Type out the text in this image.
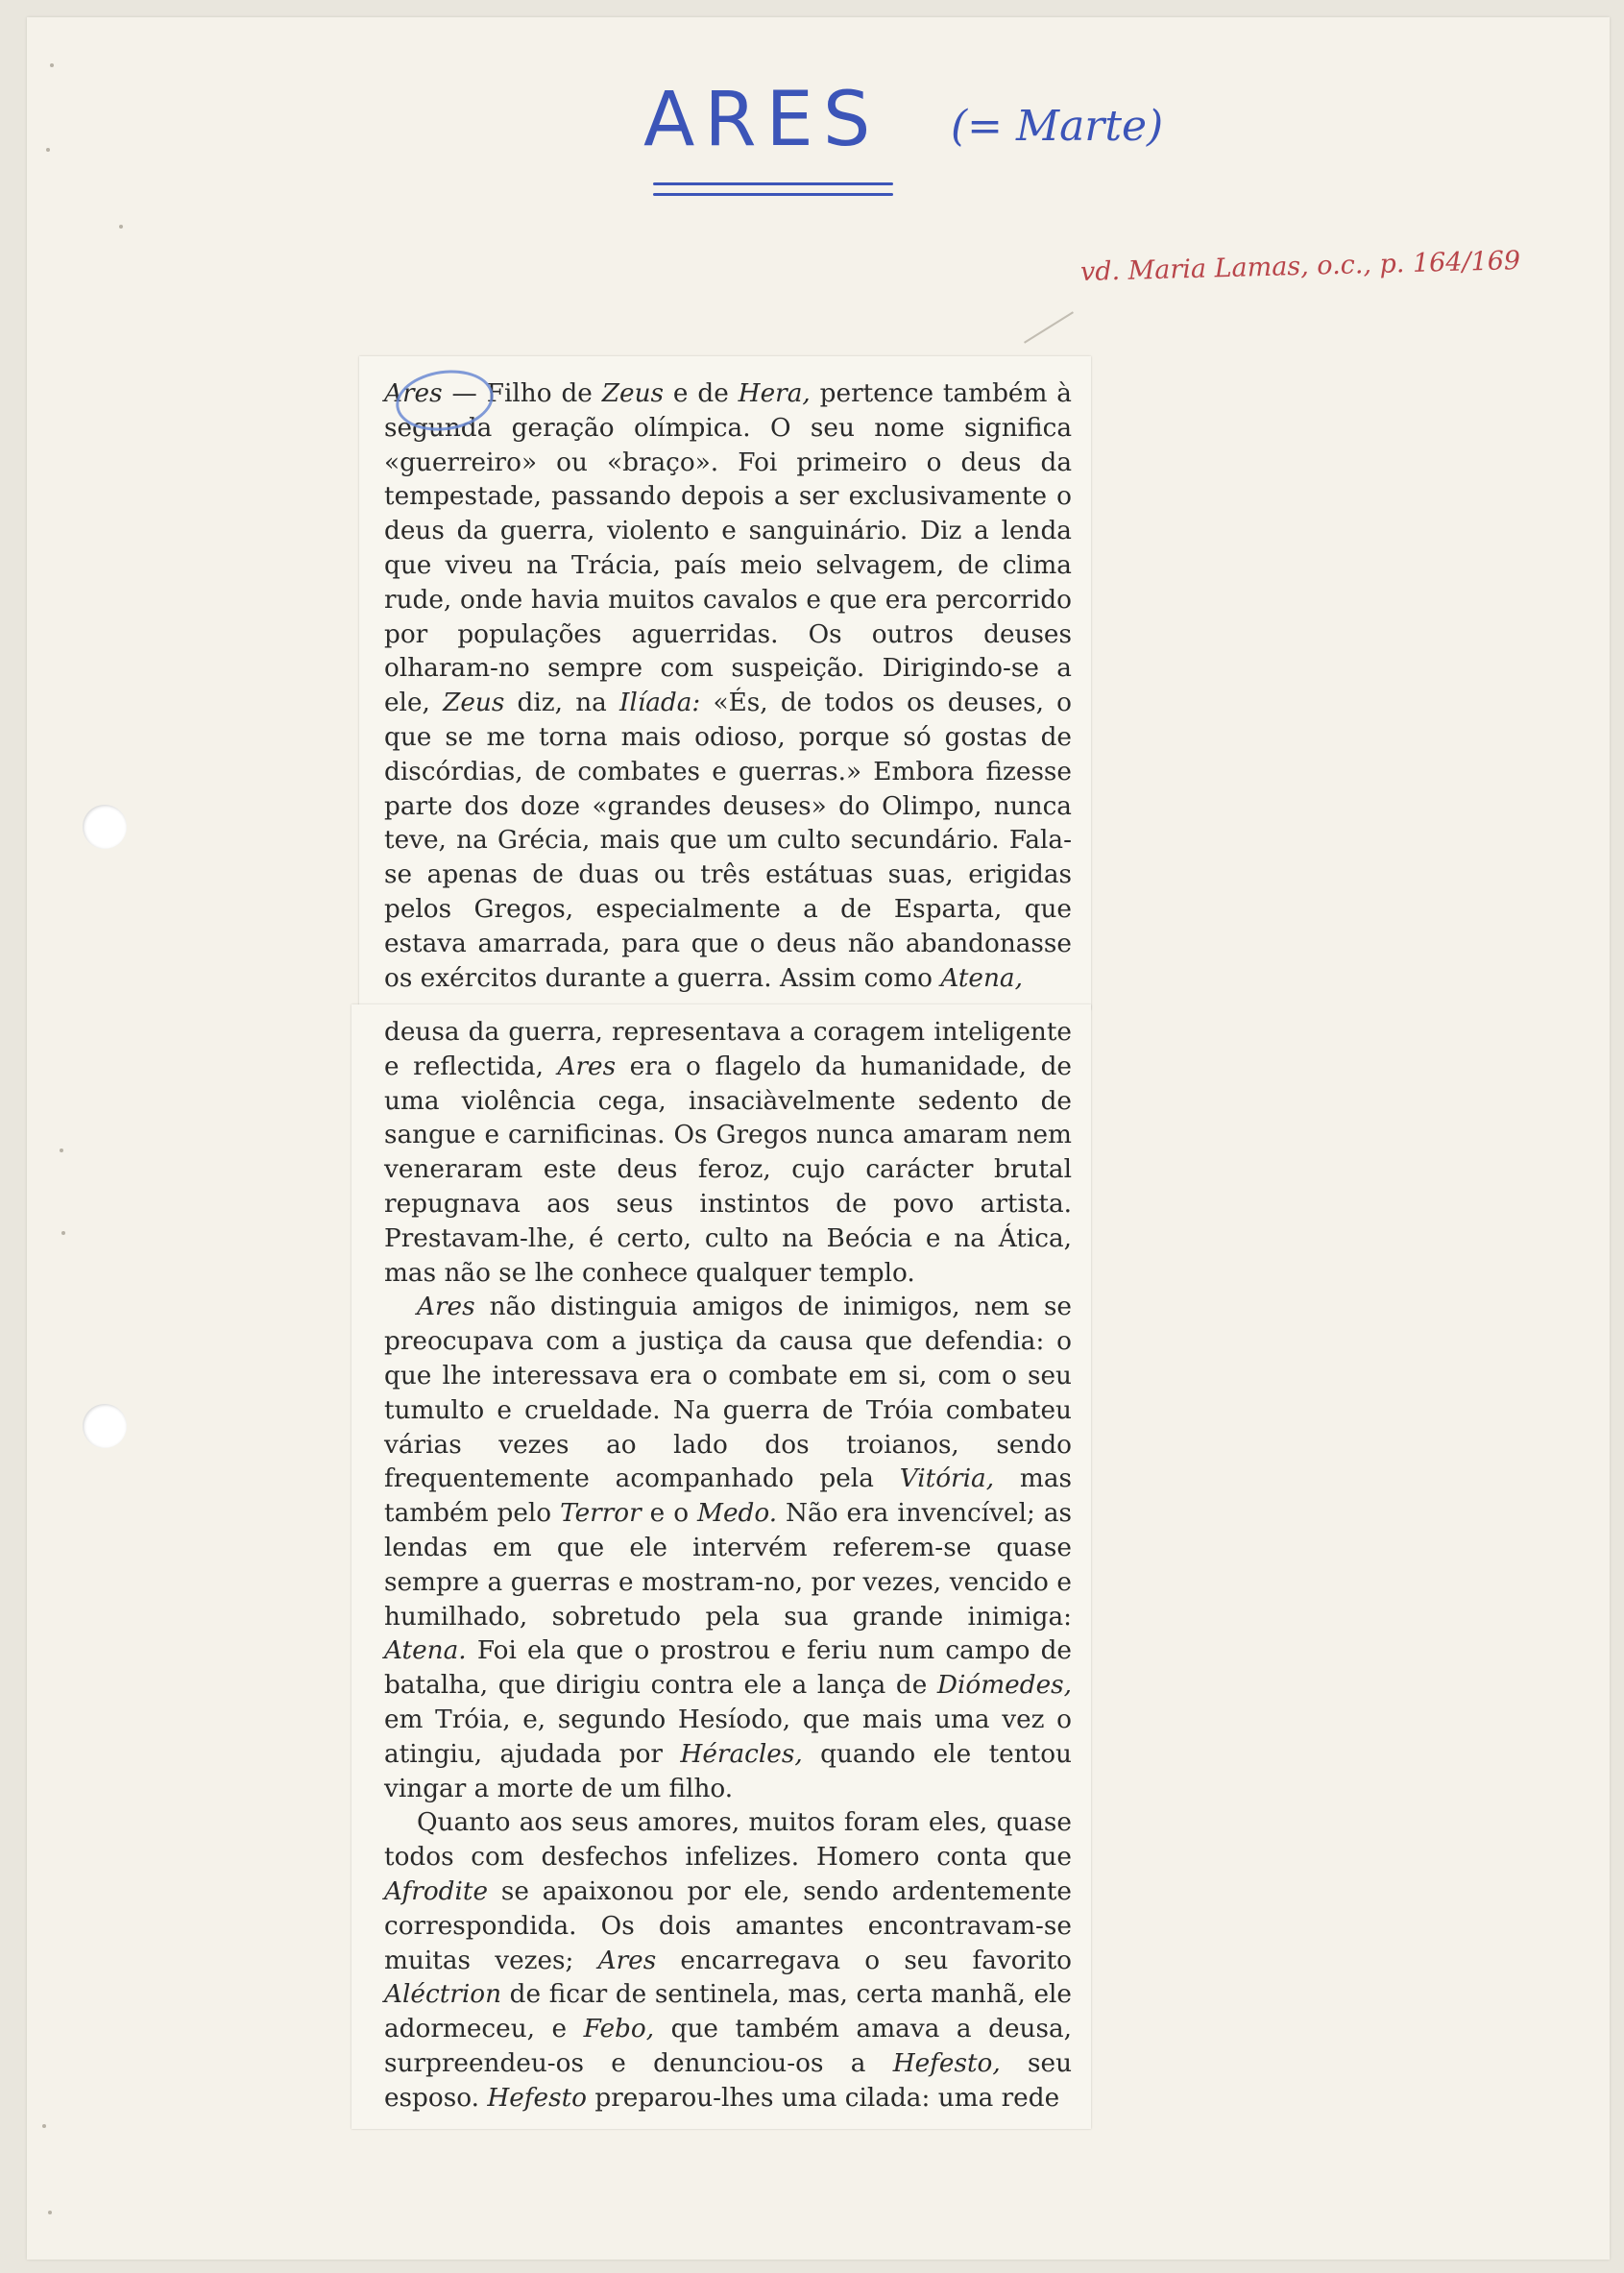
ARES (= Marte)
vd. Maria Lamas, o.c., p. 164/169

Ares — Filho de Zeus e de Hera, pertence também à segunda geração olímpica. O seu nome significa «guerreiro» ou «braço». Foi primeiro o deus da tempestade, passando depois a ser exclusivamente o deus da guerra, violento e sanguinário. Diz a lenda que viveu na Trácia, país meio selvagem, de clima rude, onde havia muitos cavalos e que era percorrido por populações aguerridas. Os outros deuses olharam-no sempre com suspeição. Dirigindo-se a ele, Zeus diz, na Ilíada: «És, de todos os deuses, o que se me torna mais odioso, porque só gostas de discórdias, de combates e guerras.» Embora fizesse parte dos doze «grandes deuses» do Olimpo, nunca teve, na Grécia, mais que um culto secundário. Fala-se apenas de duas ou três estátuas suas, erigidas pelos Gregos, especialmente a de Esparta, que estava amarrada, para que o deus não abandonasse os exércitos durante a guerra. Assim como Atena,

deusa da guerra, representava a coragem inteligente e reflectida, Ares era o flagelo da humanidade, de uma violência cega, insaciàvelmente sedento de sangue e carnificinas. Os Gregos nunca amaram nem veneraram este deus feroz, cujo carácter brutal repugnava aos seus instintos de povo artista. Prestavam-lhe, é certo, culto na Beócia e na Ática, mas não se lhe conhece qualquer templo.

Ares não distinguia amigos de inimigos, nem se preocupava com a justiça da causa que defendia: o que lhe interessava era o combate em si, com o seu tumulto e crueldade. Na guerra de Tróia combateu várias vezes ao lado dos troianos, sendo frequentemente acompanhado pela Vitória, mas também pelo Terror e o Medo. Não era invencível; as lendas em que ele intervém referem-se quase sempre a guerras e mostram-no, por vezes, vencido e humilhado, sobretudo pela sua grande inimiga: Atena. Foi ela que o prostrou e feriu num campo de batalha, que dirigiu contra ele a lança de Diómedes, em Tróia, e, segundo Hesíodo, que mais uma vez o atingiu, ajudada por Héracles, quando ele tentou vingar a morte de um filho.

Quanto aos seus amores, muitos foram eles, quase todos com desfechos infelizes. Homero conta que Afrodite se apaixonou por ele, sendo ardentemente correspondida. Os dois amantes encontravam-se muitas vezes; Ares encarregava o seu favorito Aléctrion de ficar de sentinela, mas, certa manhã, ele adormeceu, e Febo, que também amava a deusa, surpreendeu-os e denunciou-os a Hefesto, seu esposo. Hefesto preparou-lhes uma cilada: uma rede
